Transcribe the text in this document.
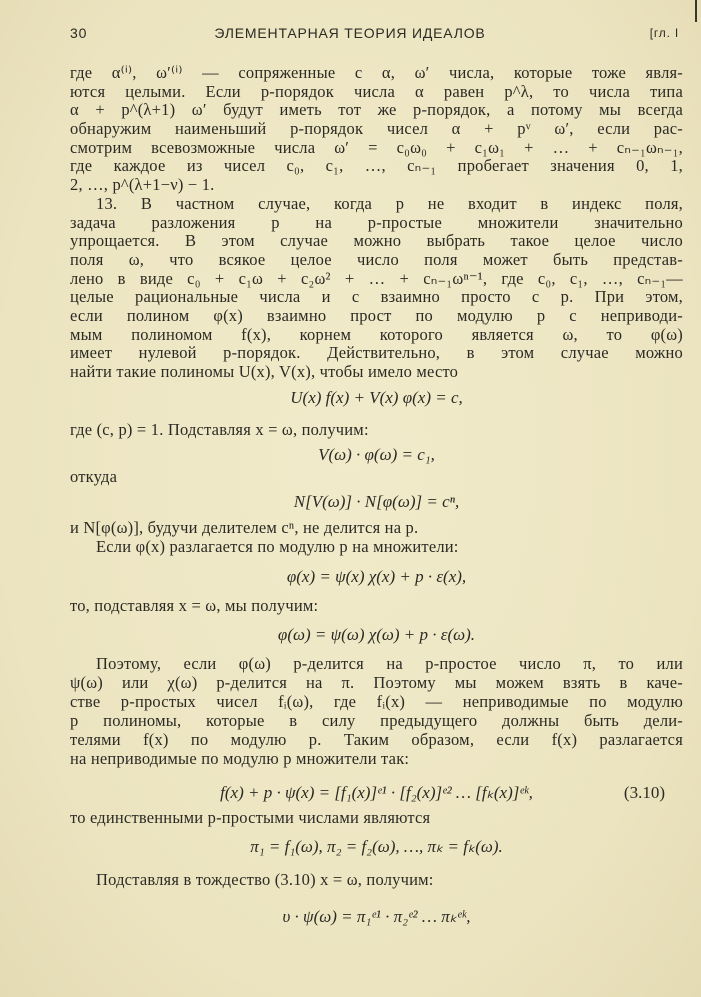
30	ЭЛЕМЕНТАРНАЯ ТЕОРИЯ ИДЕАЛОВ	[гл. I
где α⁽ⁱ⁾, ω′⁽ⁱ⁾ — сопряженные с α, ω′ числа, которые тоже явля-
ются целыми. Если p-порядок числа α равен p^λ, то числа типа
α + p^(λ+1) ω′ будут иметь тот же p-порядок, а потому мы всегда
обнаружим наименьший p-порядок чисел α + pᵛ ω′, если рас-
смотрим всевозможные числа ω′ = c₀ω₀ + c₁ω₁ + … + cₙ₋₁ωₙ₋₁,
где каждое из чисел c₀, c₁, …, cₙ₋₁ пробегает значения 0, 1,
2, …, p^(λ+1−ν) − 1.
13. В частном случае, когда p не входит в индекс поля,
задача разложения p на p-простые множители значительно
упрощается. В этом случае можно выбрать такое целое число
поля ω, что всякое целое число поля может быть представ-
лено в виде c₀ + c₁ω + c₂ω² + … + cₙ₋₁ωⁿ⁻¹, где c₀, c₁, …, cₙ₋₁—
целые рациональные числа и c взаимно просто с p. При этом,
если полином φ(x) взаимно прост по модулю p с неприводи-
мым полиномом f(x), корнем которого является ω, то φ(ω)
имеет нулевой p-порядок. Действительно, в этом случае можно
найти такие полиномы U(x), V(x), чтобы имело место
U(x) f(x) + V(x) φ(x) = c,
где (c, p) = 1. Подставляя x = ω, получим:
V(ω) · φ(ω) = c₁,
откуда
N[V(ω)] · N[φ(ω)] = cⁿ,
и N[φ(ω)], будучи делителем cⁿ, не делится на p.
Если φ(x) разлагается по модулю p на множители:
φ(x) = ψ(x) χ(x) + p · ε(x),
то, подставляя x = ω, мы получим:
φ(ω) = ψ(ω) χ(ω) + p · ε(ω).
Поэтому, если φ(ω) p-делится на p-простое число π, то или
ψ(ω) или χ(ω) p-делится на π. Поэтому мы можем взять в каче-
стве p-простых чисел fᵢ(ω), где fᵢ(x) — неприводимые по модулю
p полиномы, которые в силу предыдущего должны быть дели-
телями f(x) по модулю p. Таким образом, если f(x) разлагается
на неприводимые по модулю p множители так:
f(x) + p · ψ(x) = [f₁(x)]ᵉ¹ · [f₂(x)]ᵉ² … [fₖ(x)]ᵉᵏ,	(3.10)
то единственными p-простыми числами являются
π₁ = f₁(ω), π₂ = f₂(ω), …, πₖ = fₖ(ω).
Подставляя в тождество (3.10) x = ω, получим:
υ · ψ(ω) = π₁ᵉ¹ · π₂ᵉ² … πₖᵉᵏ,
